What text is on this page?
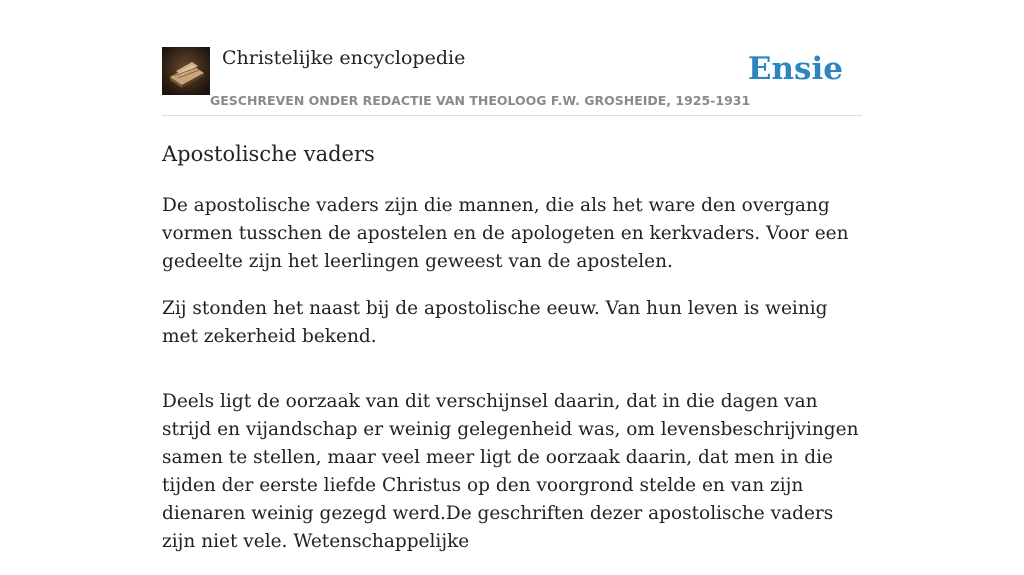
Christelijke encyclopedie
GESCHREVEN ONDER REDACTIE VAN THEOLOOG F.W. GROSHEIDE, 1925-1931
Ensie
Apostolische vaders

De apostolische vaders zijn die mannen, die als het ware den overgang vormen tusschen de apostelen en de apologeten en kerkvaders. Voor een gedeelte zijn het leerlingen geweest van de apostelen.

Zij stonden het naast bij de apostolische eeuw. Van hun leven is weinig met zekerheid bekend.

Deels ligt de oorzaak van dit verschijnsel daarin, dat in die dagen van strijd en vijandschap er weinig gelegenheid was, om levensbeschrijvingen samen te stellen, maar veel meer ligt de oorzaak daarin, dat men in die tijden der eerste liefde Christus op den voorgrond stelde en van zijn dienaren weinig gezegd werd.De geschriften dezer apostolische vaders zijn niet vele. Wetenschappelijke
